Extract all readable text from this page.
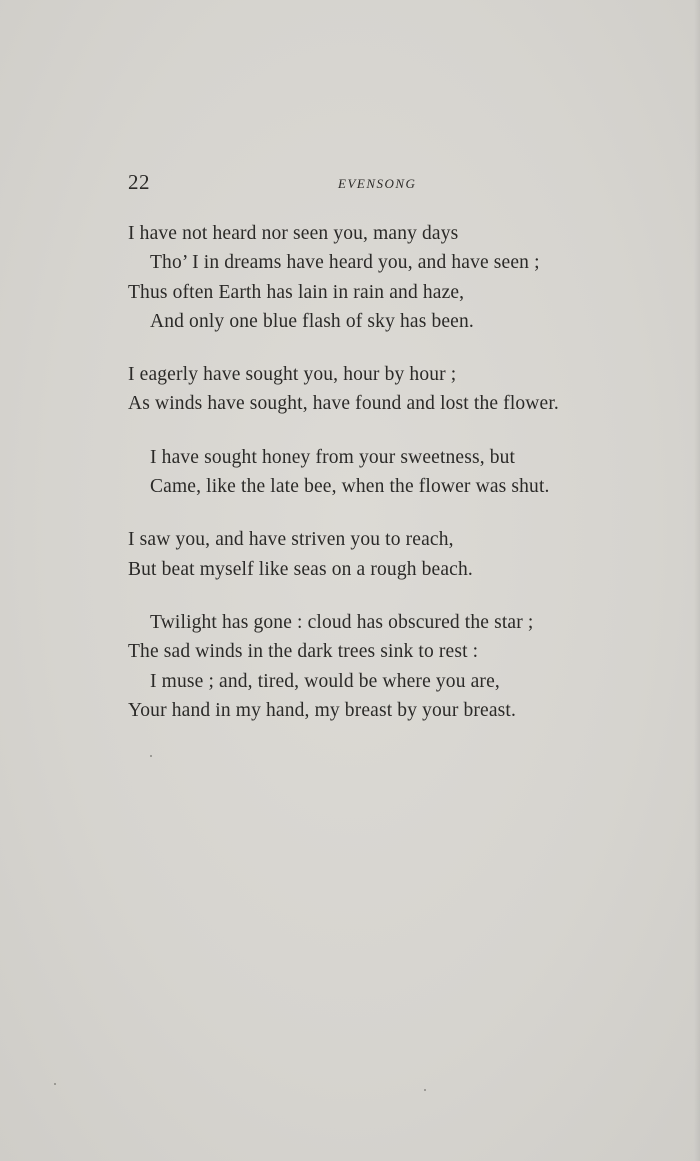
22	EVENSONG
I have not heard nor seen you, many days
Tho’ I in dreams have heard you, and have seen ;
Thus often Earth has lain in rain and haze,
And only one blue flash of sky has been.
I eagerly have sought you, hour by hour ;
As winds have sought, have found and lost the flower.
I have sought honey from your sweetness, but
Came, like the late bee, when the flower was shut.
I saw you, and have striven you to reach,
But beat myself like seas on a rough beach.
Twilight has gone : cloud has obscured the star ;
The sad winds in the dark trees sink to rest :
I muse ; and, tired, would be where you are,
Your hand in my hand, my breast by your breast.
